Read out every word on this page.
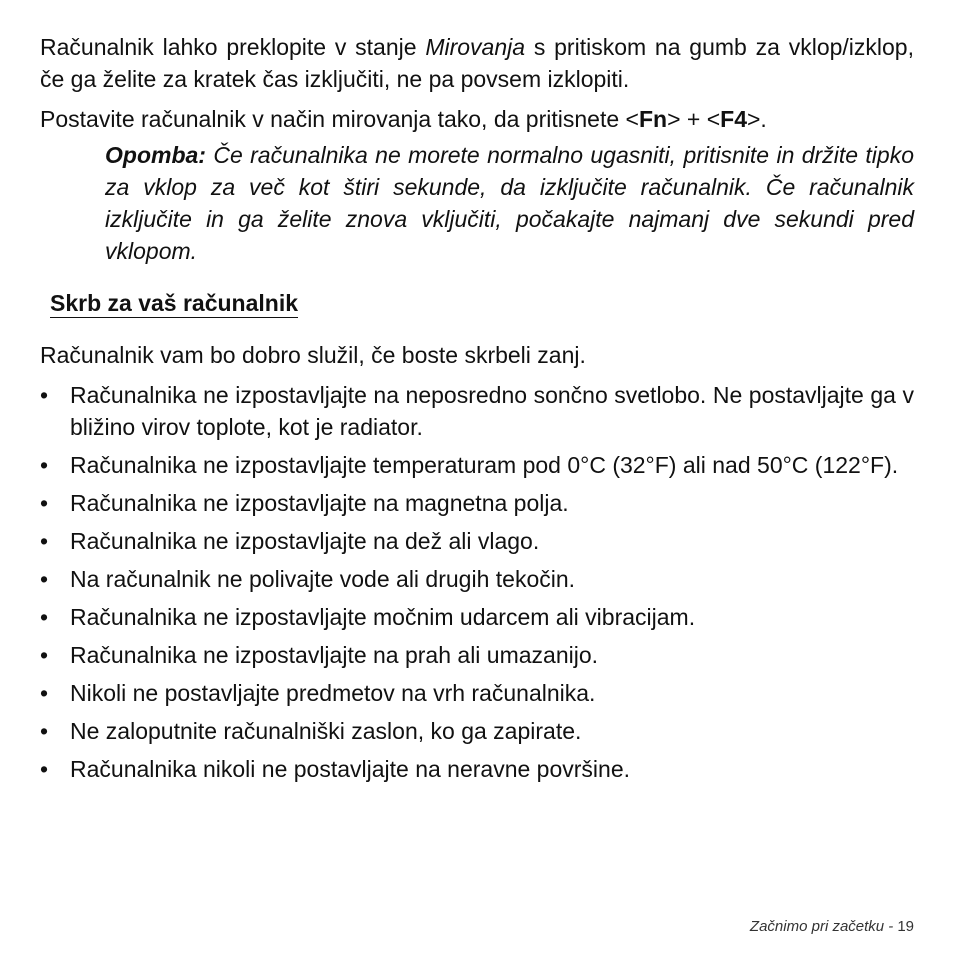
Računalnik lahko preklopite v stanje Mirovanja s pritiskom na gumb za vklop/izklop, če ga želite za kratek čas izključiti, ne pa povsem izklopiti.

Postavite računalnik v način mirovanja tako, da pritisnete <Fn> + <F4>.

Opomba: Če računalnika ne morete normalno ugasniti, pritisnite in držite tipko za vklop za več kot štiri sekunde, da izključite računalnik. Če računalnik izključite in ga želite znova vključiti, počakajte najmanj dve sekundi pred vklopom.

Skrb za vaš računalnik

Računalnik vam bo dobro služil, če boste skrbeli zanj.

• Računalnika ne izpostavljajte na neposredno sončno svetlobo. Ne postavljajte ga v bližino virov toplote, kot je radiator.
• Računalnika ne izpostavljajte temperaturam pod 0°C (32°F) ali nad 50°C (122°F).
• Računalnika ne izpostavljajte na magnetna polja.
• Računalnika ne izpostavljajte na dež ali vlago.
• Na računalnik ne polivajte vode ali drugih tekočin.
• Računalnika ne izpostavljajte močnim udarcem ali vibracijam.
• Računalnika ne izpostavljajte na prah ali umazanijo.
• Nikoli ne postavljajte predmetov na vrh računalnika.
• Ne zaloputnite računalniški zaslon, ko ga zapirate.
• Računalnika nikoli ne postavljajte na neravne površine.
Začnimo pri začetku - 19
